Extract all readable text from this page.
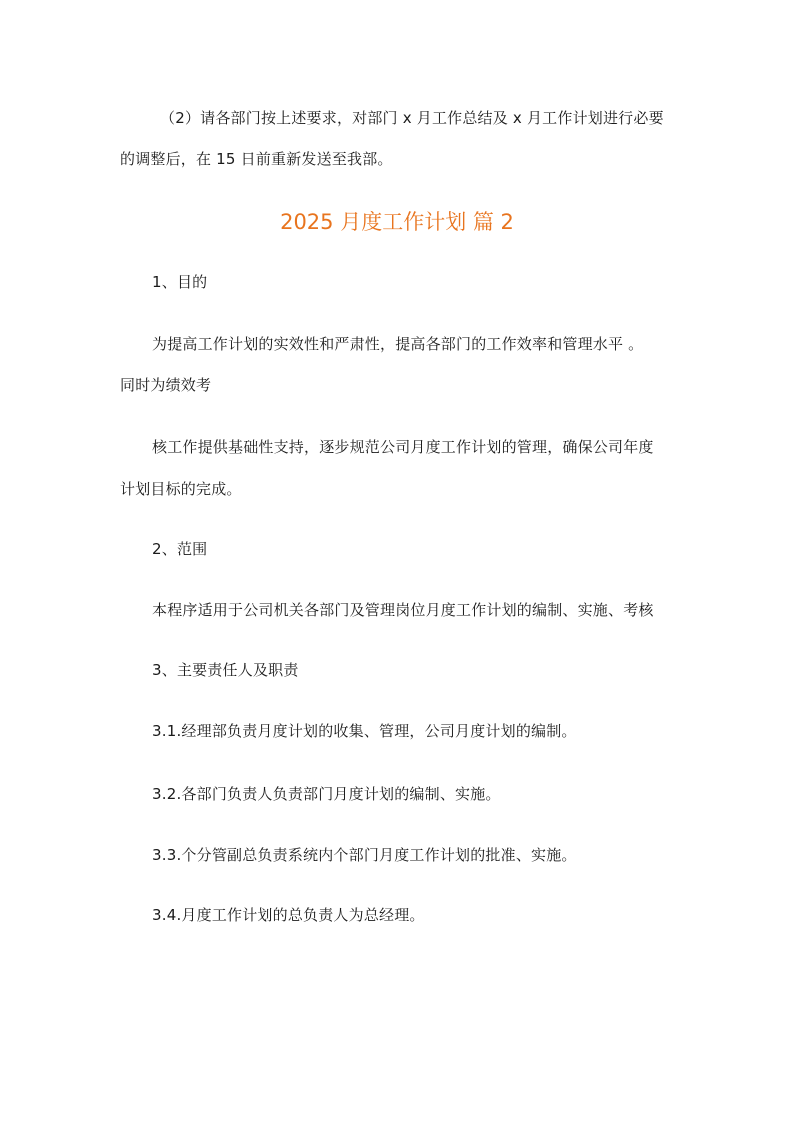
（2）请各部门按上述要求，对部门 x 月工作总结及 x 月工作计划进行必要
的调整后，在 15 日前重新发送至我部。
2025 月度工作计划 篇 2
1、目的
为提高工作计划的实效性和严肃性，提高各部门的工作效率和管理水平 。
同时为绩效考
核工作提供基础性支持，逐步规范公司月度工作计划的管理，确保公司年度
计划目标的完成。
2、范围
本程序适用于公司机关各部门及管理岗位月度工作计划的编制、实施、考核
3、主要责任人及职责
3.1.经理部负责月度计划的收集、管理，公司月度计划的编制。
3.2.各部门负责人负责部门月度计划的编制、实施。
3.3.个分管副总负责系统内个部门月度工作计划的批准、实施。
3.4.月度工作计划的总负责人为总经理。
